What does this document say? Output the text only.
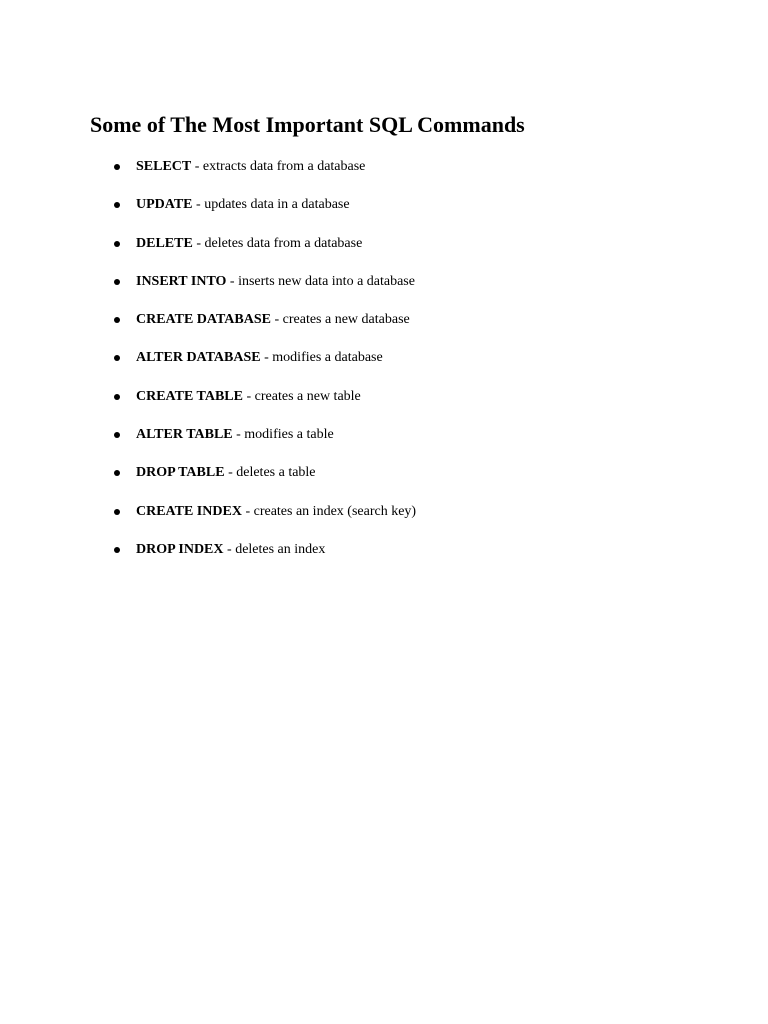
Some of The Most Important SQL Commands
SELECT - extracts data from a database
UPDATE - updates data in a database
DELETE - deletes data from a database
INSERT INTO - inserts new data into a database
CREATE DATABASE - creates a new database
ALTER DATABASE - modifies a database
CREATE TABLE - creates a new table
ALTER TABLE - modifies a table
DROP TABLE - deletes a table
CREATE INDEX - creates an index (search key)
DROP INDEX - deletes an index
